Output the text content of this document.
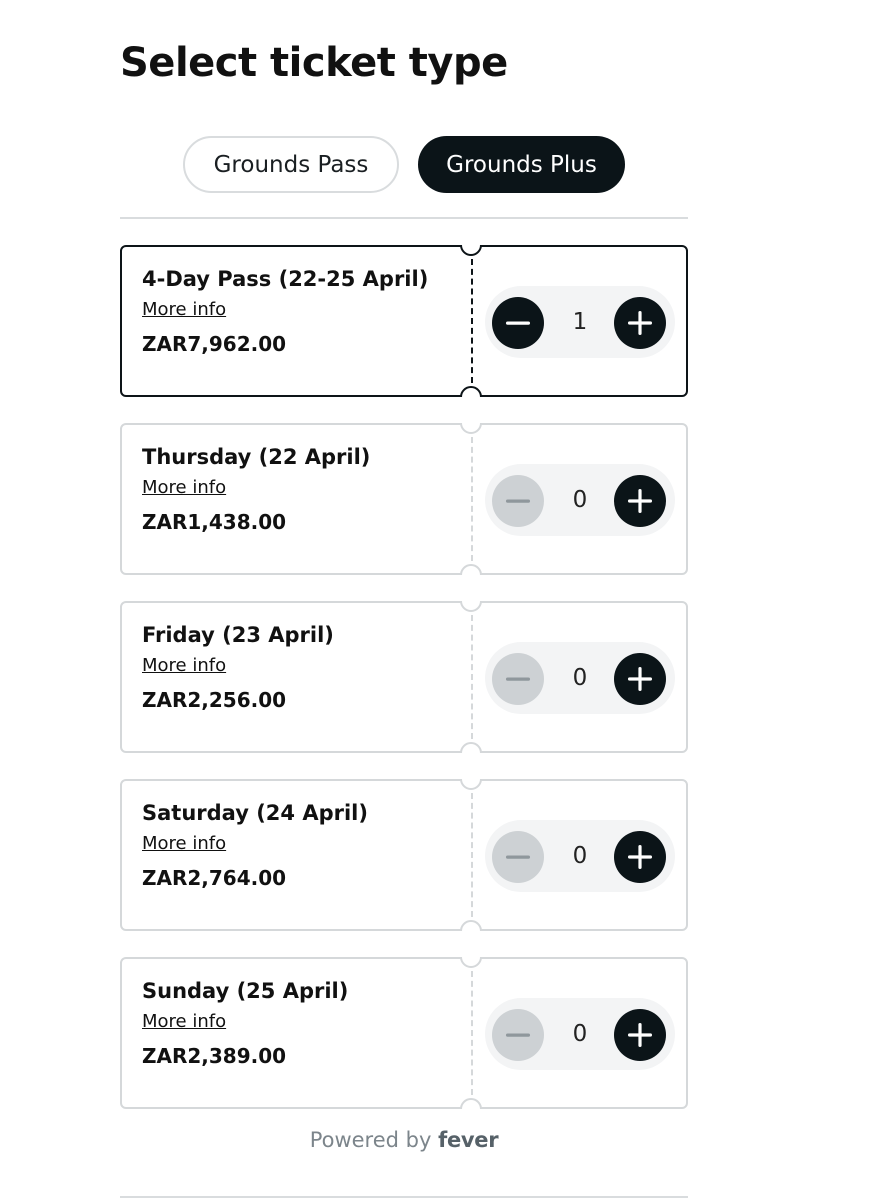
Select ticket type
Grounds Pass	Grounds Plus
4-Day Pass (22-25 April)
More info
ZAR7,962.00
1
Thursday (22 April)
More info
ZAR1,438.00
0
Friday (23 April)
More info
ZAR2,256.00
0
Saturday (24 April)
More info
ZAR2,764.00
0
Sunday (25 April)
More info
ZAR2,389.00
0
Powered by fever
